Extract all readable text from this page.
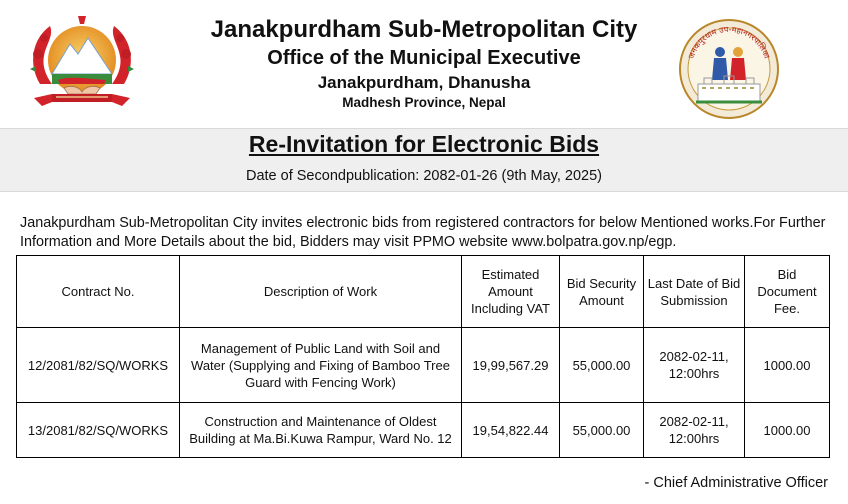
Janakpurdham Sub-Metropolitan City
Office of the Municipal Executive
Janakpurdham, Dhanusha
Madhesh Province, Nepal
जनकपुरधाम उप-महानगरपालिका
Re-Invitation for Electronic Bids
Date of Secondpublication: 2082-01-26 (9th May, 2025)
Janakpurdham Sub-Metropolitan City invites electronic bids from registered contractors for below Mentioned works.For Further Information and More Details about the bid, Bidders may visit PPMO website www.bolpatra.gov.np/egp.
Contract No.	Description of Work	Estimated Amount Including VAT	Bid Security Amount	Last Date of Bid Submission	Bid Document Fee.
12/2081/82/SQ/WORKS	Management of Public Land with Soil and Water (Supplying and Fixing of Bamboo Tree Guard with Fencing Work)	19,99,567.29	55,000.00	2082-02-11, 12:00hrs	1000.00
13/2081/82/SQ/WORKS	Construction and Maintenance of Oldest Building at Ma.Bi.Kuwa Rampur, Ward No. 12	19,54,822.44	55,000.00	2082-02-11, 12:00hrs	1000.00
- Chief Administrative Officer
